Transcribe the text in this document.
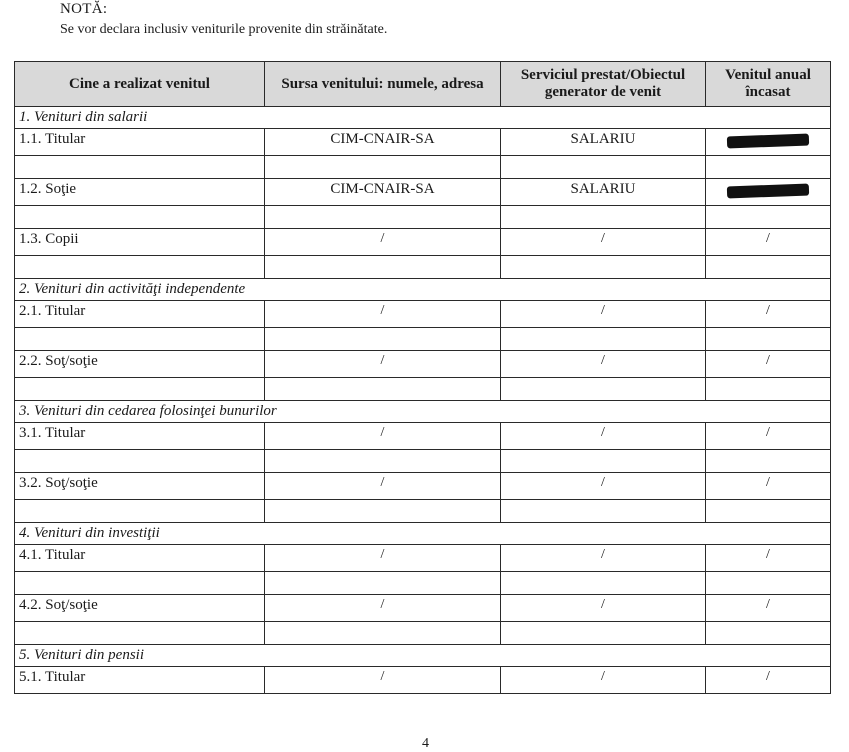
NOTĂ:
Se vor declara inclusiv veniturile provenite din străinătate.
Cine a realizat venitul	Sursa venitului: numele, adresa	Serviciul prestat/Obiectul generator de venit	Venitul anual încasat
1. Venituri din salarii			
1.1. Titular	CIM-CNAIR-SA	SALARIU	

1.2. Soţie	CIM-CNAIR-SA	SALARIU	

1.3. Copii	/	/	/

2. Venituri din activităţi independente			
2.1. Titular	/	/	/

2.2. Soţ/soţie	/	/	/

3. Venituri din cedarea folosinţei bunurilor			
3.1. Titular	/	/	/

3.2. Soţ/soţie	/	/	/

4. Venituri din investiţii			
4.1. Titular	/	/	/

4.2. Soţ/soţie	/	/	/

5. Venituri din pensii			
5.1. Titular	/	/	/
4
